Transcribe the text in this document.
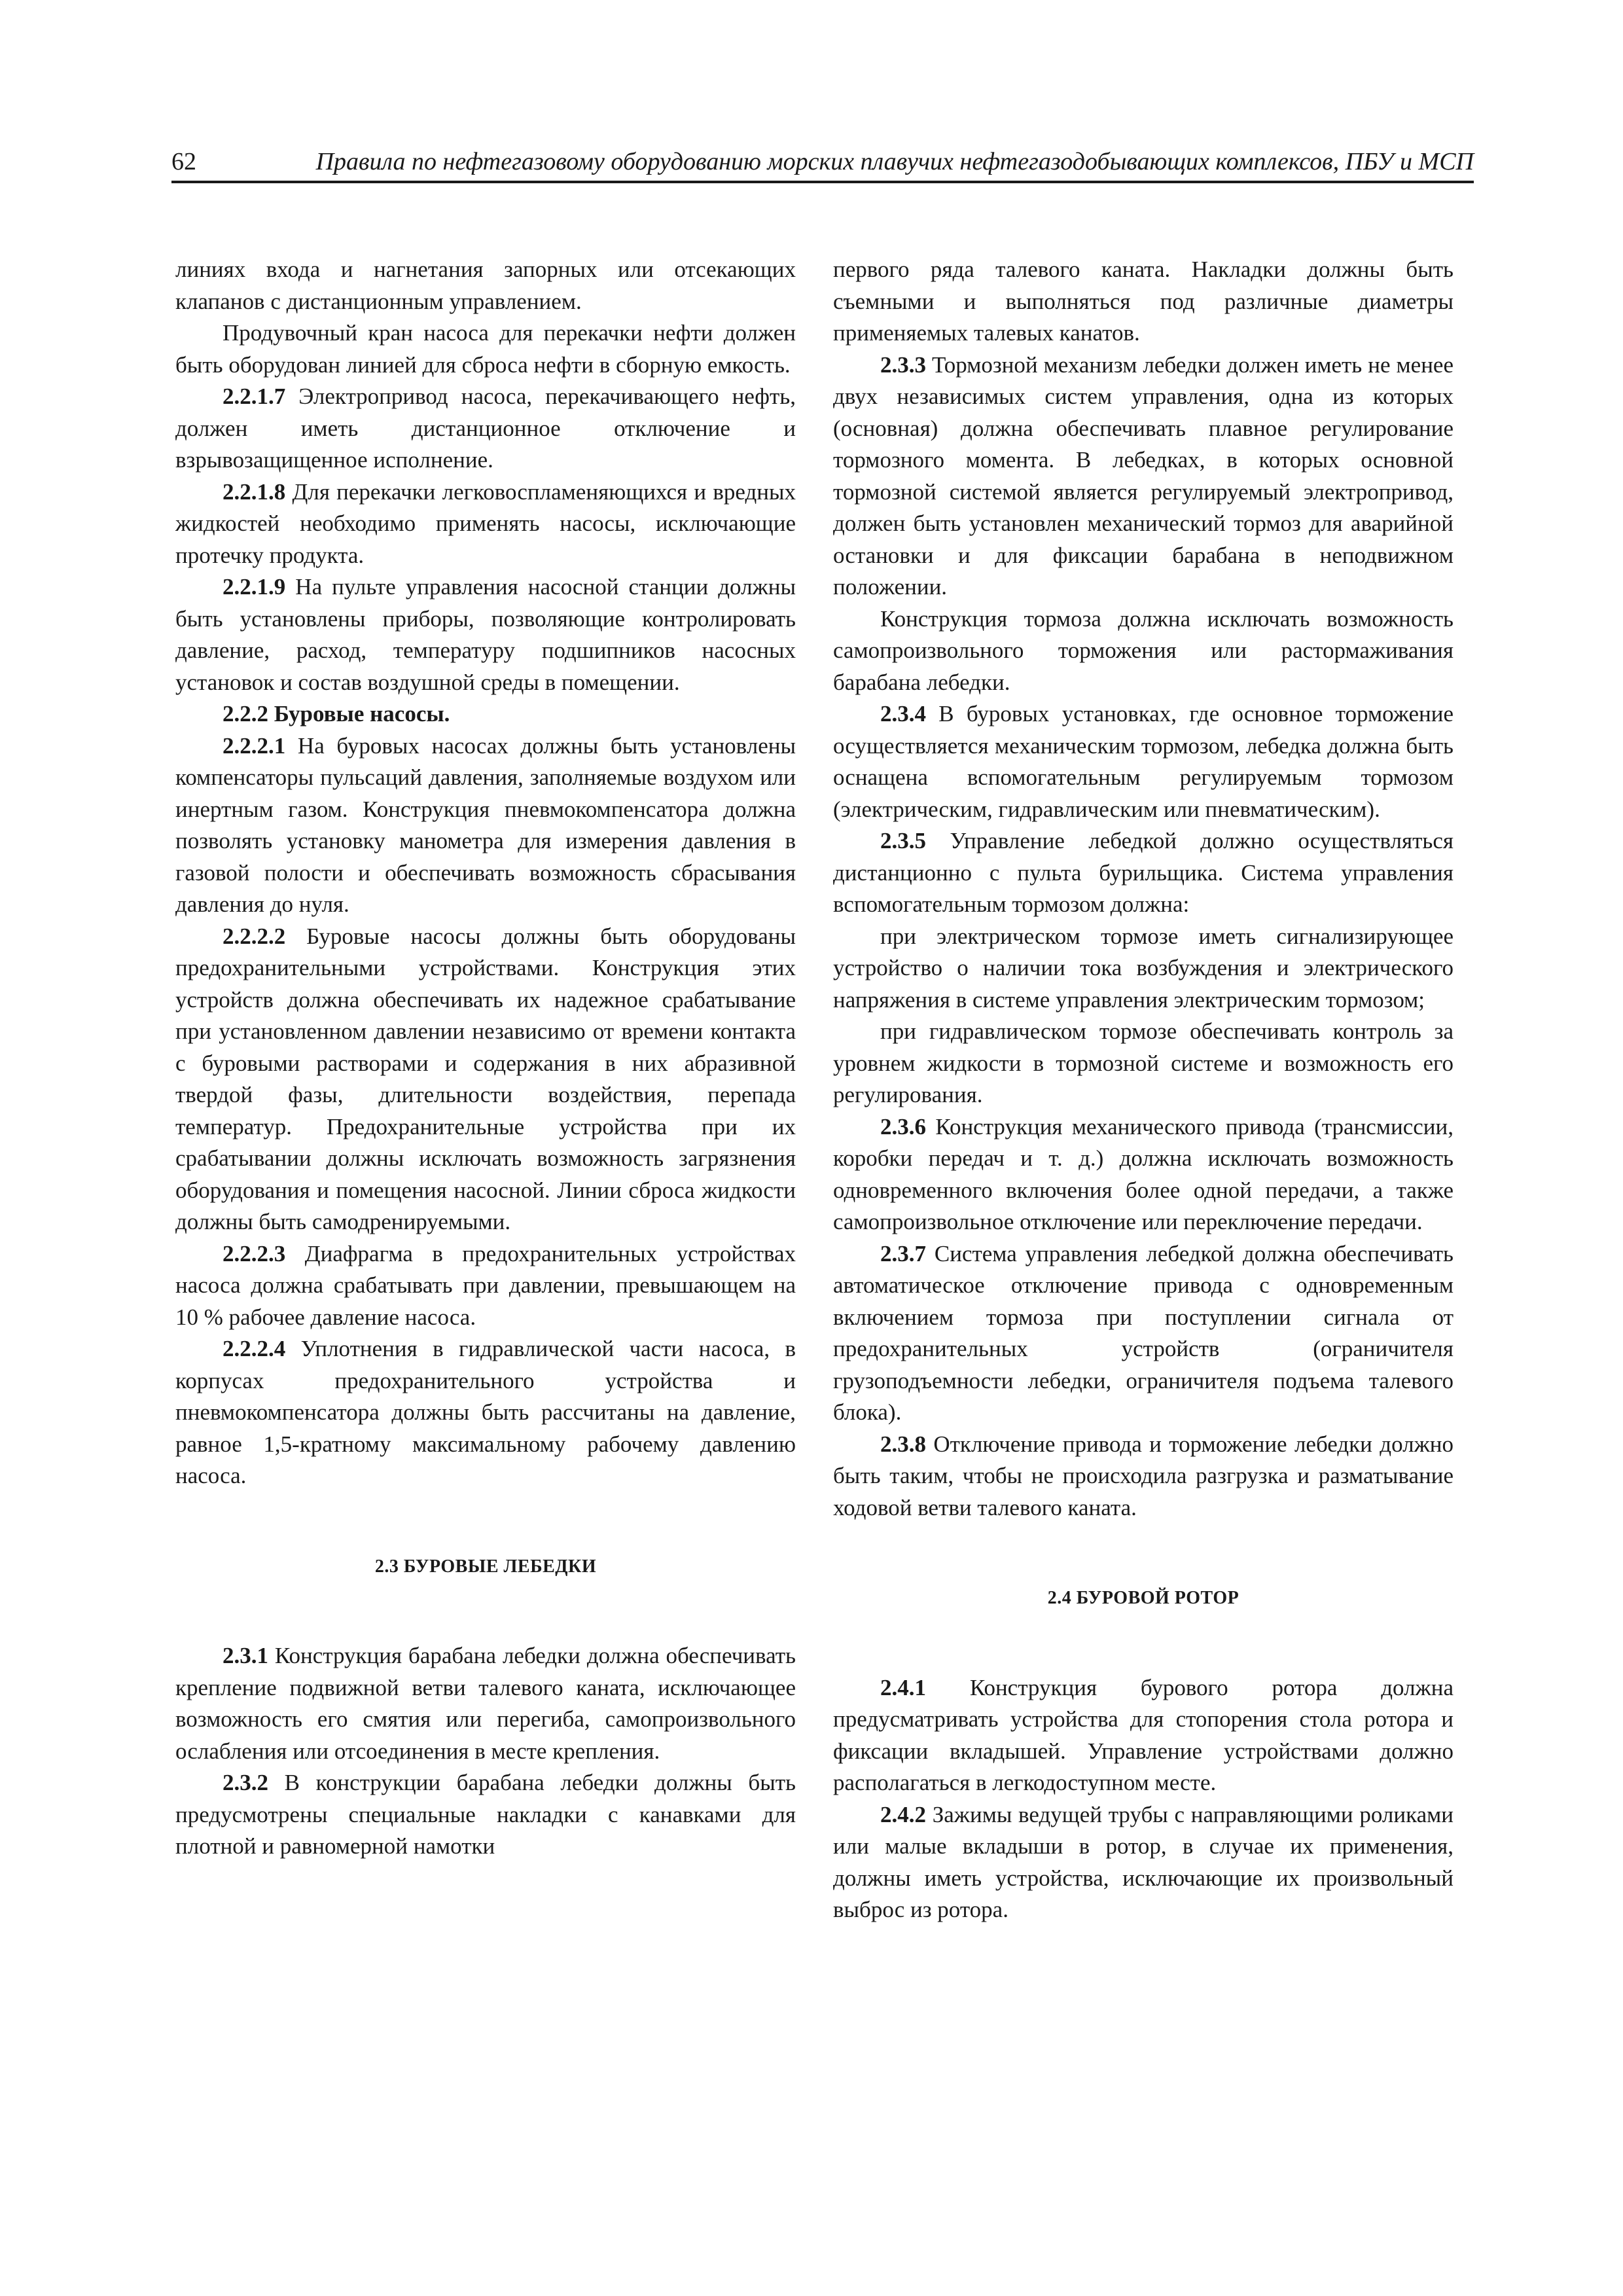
62	Правила по нефтегазовому оборудованию морских плавучих нефтегазодобывающих комплексов, ПБУ и МСП

линиях входа и нагнетания запорных или отсекающих клапанов с дистанционным управлением.

Продувочный кран насоса для перекачки нефти должен быть оборудован линией для сброса нефти в сборную емкость.

2.2.1.7 Электропривод насоса, перекачивающего нефть, должен иметь дистанционное отключение и взрывозащищенное исполнение.

2.2.1.8 Для перекачки легковоспламеняющихся и вредных жидкостей необходимо применять насосы, исключающие протечку продукта.

2.2.1.9 На пульте управления насосной станции должны быть установлены приборы, позволяющие контролировать давление, расход, температуру подшипников насосных установок и состав воздушной среды в помещении.

2.2.2 Буровые насосы.

2.2.2.1 На буровых насосах должны быть установлены компенсаторы пульсаций давления, заполняемые воздухом или инертным газом. Конструкция пневмокомпенсатора должна позволять установку манометра для измерения давления в газовой полости и обеспечивать возможность сбрасывания давления до нуля.

2.2.2.2 Буровые насосы должны быть оборудованы предохранительными устройствами. Конструкция этих устройств должна обеспечивать их надежное срабатывание при установленном давлении независимо от времени контакта с буровыми растворами и содержания в них абразивной твердой фазы, длительности воздействия, перепада температур. Предохранительные устройства при их срабатывании должны исключать возможность загрязнения оборудования и помещения насосной. Линии сброса жидкости должны быть самодренируемыми.

2.2.2.3 Диафрагма в предохранительных устройствах насоса должна срабатывать при давлении, превышающем на 10 % рабочее давление насоса.

2.2.2.4 Уплотнения в гидравлической части насоса, в корпусах предохранительного устройства и пневмокомпенсатора должны быть рассчитаны на давление, равное 1,5-кратному максимальному рабочему давлению насоса.

2.3 БУРОВЫЕ ЛЕБЕДКИ

2.3.1 Конструкция барабана лебедки должна обеспечивать крепление подвижной ветви талевого каната, исключающее возможность его смятия или перегиба, самопроизвольного ослабления или отсоединения в месте крепления.

2.3.2 В конструкции барабана лебедки должны быть предусмотрены специальные накладки с канавками для плотной и равномерной намотки

первого ряда талевого каната. Накладки должны быть съемными и выполняться под различные диаметры применяемых талевых канатов.

2.3.3 Тормозной механизм лебедки должен иметь не менее двух независимых систем управления, одна из которых (основная) должна обеспечивать плавное регулирование тормозного момента. В лебедках, в которых основной тормозной системой является регулируемый электропривод, должен быть установлен механический тормоз для аварийной остановки и для фиксации барабана в неподвижном положении.

Конструкция тормоза должна исключать возможность самопроизвольного торможения или растормаживания барабана лебедки.

2.3.4 В буровых установках, где основное торможение осуществляется механическим тормозом, лебедка должна быть оснащена вспомогательным регулируемым тормозом (электрическим, гидравлическим или пневматическим).

2.3.5 Управление лебедкой должно осуществляться дистанционно с пульта бурильщика. Система управления вспомогательным тормозом должна:

при электрическом тормозе иметь сигнализирующее устройство о наличии тока возбуждения и электрического напряжения в системе управления электрическим тормозом;

при гидравлическом тормозе обеспечивать контроль за уровнем жидкости в тормозной системе и возможность его регулирования.

2.3.6 Конструкция механического привода (трансмиссии, коробки передач и т. д.) должна исключать возможность одновременного включения более одной передачи, а также самопроизвольное отключение или переключение передачи.

2.3.7 Система управления лебедкой должна обеспечивать автоматическое отключение привода с одновременным включением тормоза при поступлении сигнала от предохранительных устройств (ограничителя грузоподъемности лебедки, ограничителя подъема талевого блока).

2.3.8 Отключение привода и торможение лебедки должно быть таким, чтобы не происходила разгрузка и разматывание ходовой ветви талевого каната.

2.4 БУРОВОЙ РОТОР

2.4.1 Конструкция бурового ротора должна предусматривать устройства для стопорения стола ротора и фиксации вкладышей. Управление устройствами должно располагаться в легкодоступном месте.

2.4.2 Зажимы ведущей трубы с направляющими роликами или малые вкладыши в ротор, в случае их применения, должны иметь устройства, исключающие их произвольный выброс из ротора.
